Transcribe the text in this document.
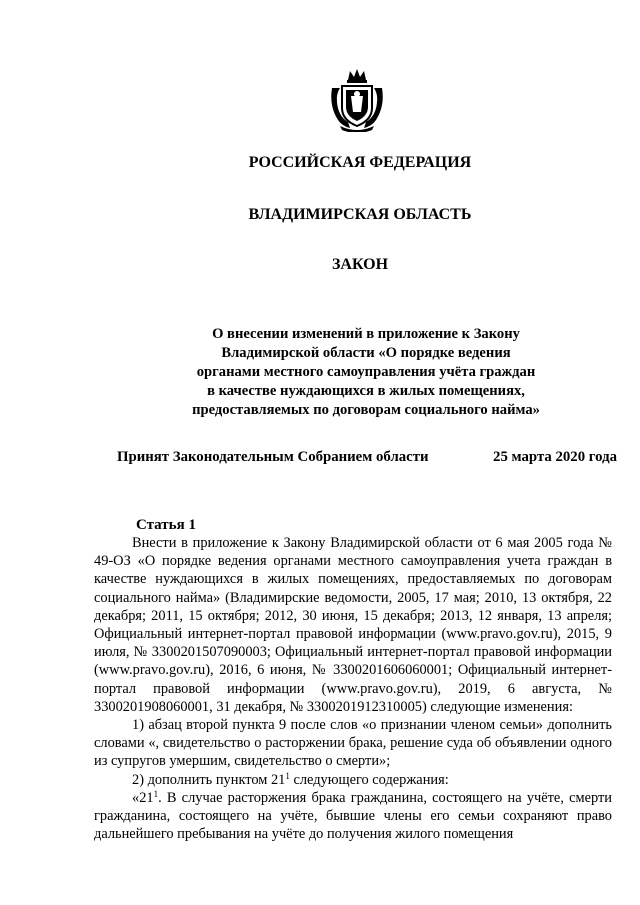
РОССИЙСКАЯ ФЕДЕРАЦИЯ
ВЛАДИМИРСКАЯ ОБЛАСТЬ
ЗАКОН
О внесении изменений в приложение к Закону
Владимирской области «О порядке ведения
органами местного самоуправления учёта граждан
в качестве нуждающихся в жилых помещениях,
предоставляемых по договорам социального найма»
Принят Законодательным Собранием области	25 марта 2020 года
Статья 1

Внести в приложение к Закону Владимирской области от 6 мая 2005 года № 49-ОЗ «О порядке ведения органами местного самоуправления учета граждан в качестве нуждающихся в жилых помещениях, предоставляемых по договорам социального найма» (Владимирские ведомости, 2005, 17 мая; 2010, 13 октября, 22 декабря; 2011, 15 октября; 2012, 30 июня, 15 декабря; 2013, 12 января, 13 апреля; Официальный интернет-портал правовой информации (www.pravo.gov.ru), 2015, 9 июля, № 3300201507090003; Официальный интернет-портал правовой информации (www.pravo.gov.ru), 2016, 6 июня, № 3300201606060001; Официальный интернет-портал правовой информации (www.pravo.gov.ru), 2019, 6 августа, № 3300201908060001, 31 декабря, № 3300201912310005) следующие изменения:

1) абзац второй пункта 9 после слов «о признании членом семьи» дополнить словами «, свидетельство о расторжении брака, решение суда об объявлении одного из супругов умершим, свидетельство о смерти»;

2) дополнить пунктом $21^1$ следующего содержания:

«$21^1$. В случае расторжения брака гражданина, состоящего на учёте, смерти гражданина, состоящего на учёте, бывшие члены его семьи сохраняют право дальнейшего пребывания на учёте до получения жилого помещения
